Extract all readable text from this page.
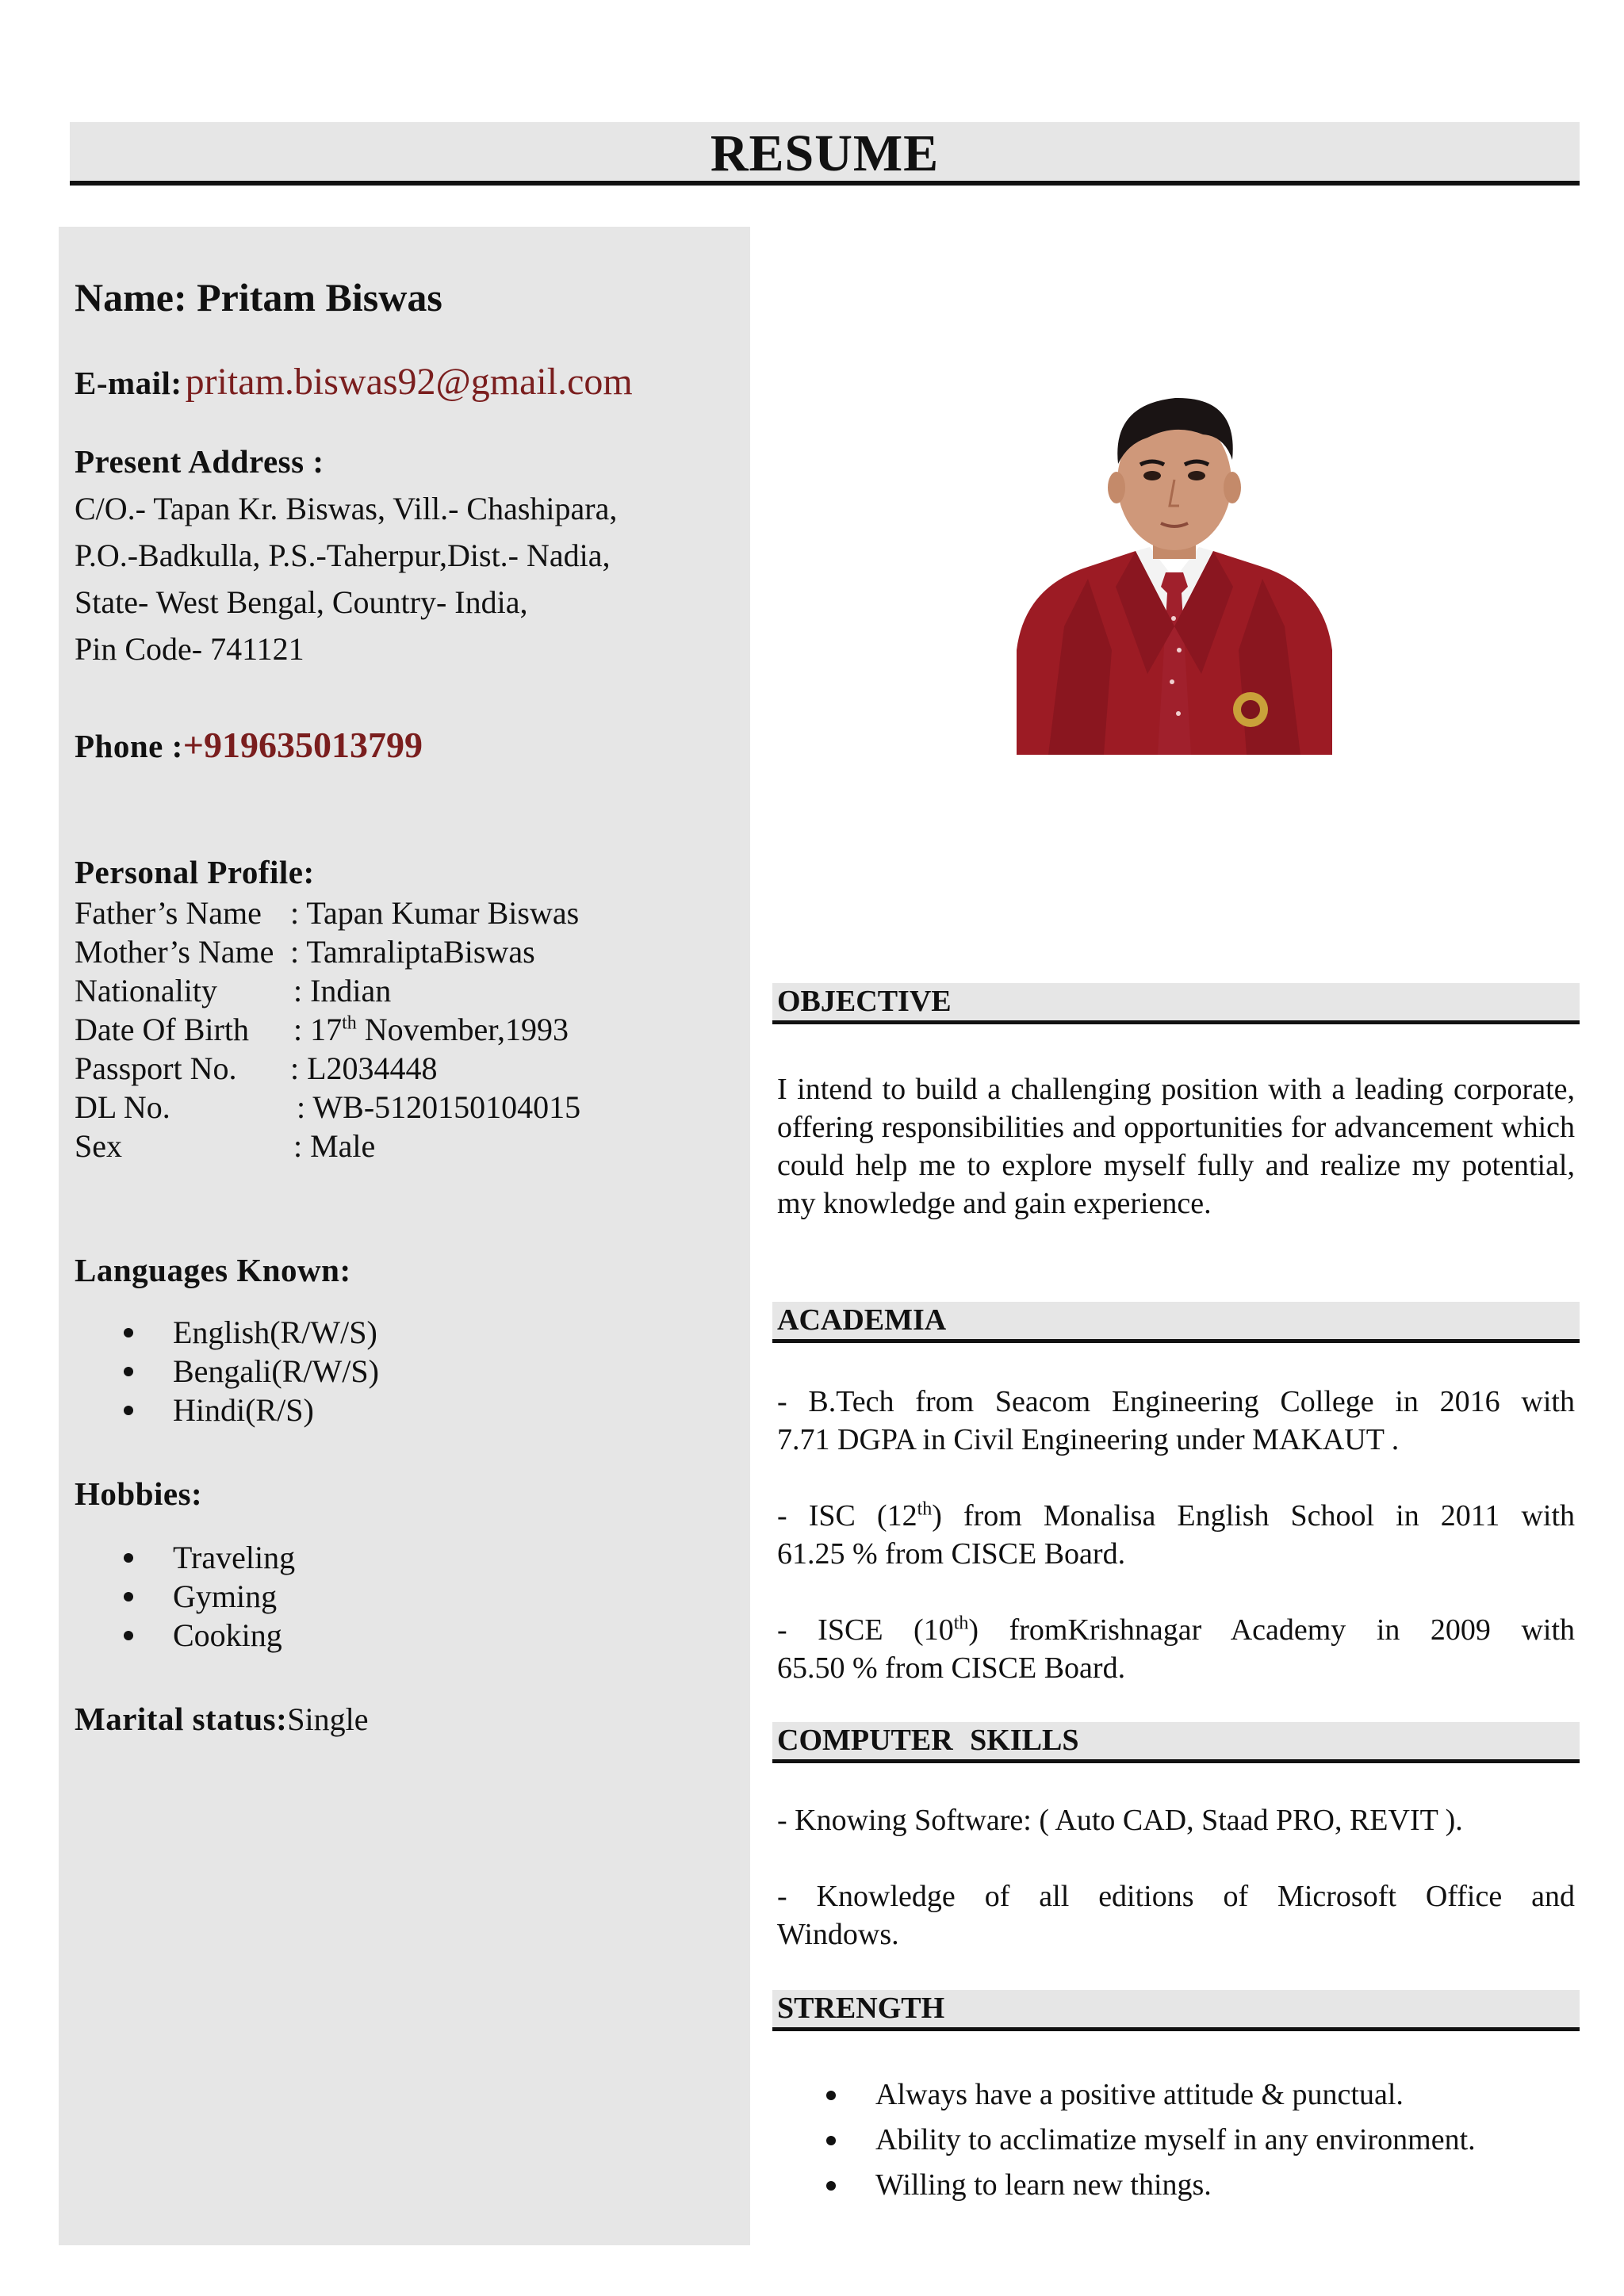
RESUME
Name: Pritam Biswas
E-mail: pritam.biswas92@gmail.com
Present Address :
C/O.- Tapan Kr. Biswas, Vill.- Chashipara,
P.O.-Badkulla, P.S.-Taherpur,Dist.- Nadia,
State- West Bengal, Country- India,
Pin Code- 741121
Phone :+919635013799
Personal Profile:
Father’s Name : Tapan Kumar Biswas
Mother’s Name : TamraliptaBiswas
Nationality : Indian
Date Of Birth : 17th November,1993
Passport No. : L2034448
DL No.	: WB-5120150104015
Sex	: Male
Languages Known:
English(R/W/S)
Bengali(R/W/S)
Hindi(R/S)
Hobbies:
Traveling
Gyming
Cooking
Marital status:Single
OBJECTIVE
I intend to build a challenging position with a leading corporate, offering responsibilities and opportunities for advancement which could help me to explore myself fully and realize my potential, my knowledge and gain experience.
ACADEMIA
- B.Tech from Seacom Engineering College in 2016 with
7.71 DGPA in Civil Engineering under MAKAUT .
- ISC (12th) from Monalisa English School in 2011 with
61.25 % from CISCE Board.
- ISCE (10th) fromKrishnagar Academy in 2009 with
65.50 % from CISCE Board.
COMPUTER SKILLS
- Knowing Software: ( Auto CAD, Staad PRO, REVIT ).
- Knowledge of all editions of Microsoft Office and
Windows.
STRENGTH
Always have a positive attitude & punctual.
Ability to acclimatize myself in any environment.
Willing to learn new things.
